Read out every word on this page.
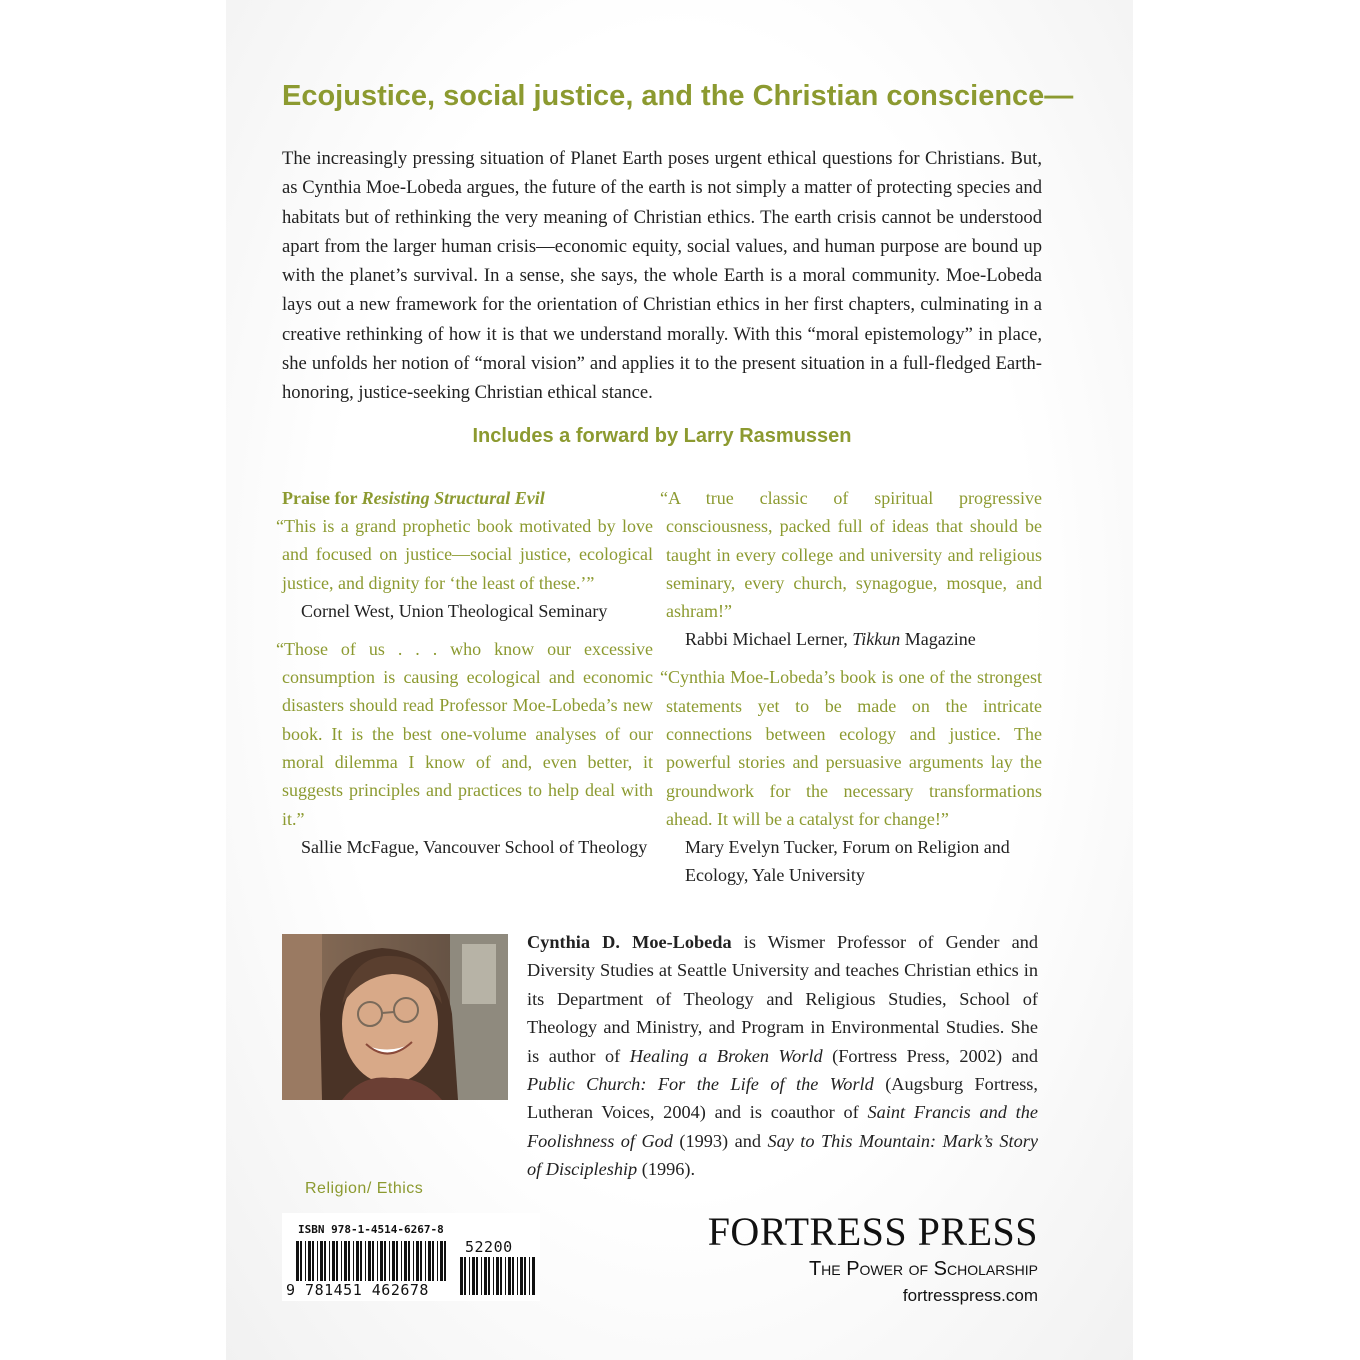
Ecojustice, social justice, and the Christian conscience—
The increasingly pressing situation of Planet Earth poses urgent ethical questions for Christians. But, as Cynthia Moe-Lobeda argues, the future of the earth is not simply a matter of protecting species and habitats but of rethinking the very meaning of Christian ethics. The earth crisis cannot be understood apart from the larger human crisis—economic equity, social values, and human purpose are bound up with the planet’s survival. In a sense, she says, the whole Earth is a moral community. Moe-Lobeda lays out a new framework for the orientation of Christian ethics in her first chapters, culminating in a creative rethinking of how it is that we understand morally. With this “moral epistemology” in place, she unfolds her notion of “moral vision” and applies it to the present situation in a full-fledged Earth-honoring, justice-seeking Christian ethical stance.
Includes a forward by Larry Rasmussen
Praise for Resisting Structural Evil
“This is a grand prophetic book motivated by love and focused on justice—social justice, ecological justice, and dignity for ‘the least of these.’”
Cornel West, Union Theological Seminary
“Those of us . . . who know our excessive consumption is causing ecological and economic disasters should read Professor Moe-Lobeda’s new book. It is the best one-volume analyses of our moral dilemma I know of and, even better, it suggests principles and practices to help deal with it.”
Sallie McFague, Vancouver School of Theology
“A true classic of spiritual progressive consciousness, packed full of ideas that should be taught in every college and university and religious seminary, every church, synagogue, mosque, and ashram!”
Rabbi Michael Lerner, Tikkun Magazine
“Cynthia Moe-Lobeda’s book is one of the strongest statements yet to be made on the intricate connections between ecology and justice. The powerful stories and persuasive arguments lay the groundwork for the necessary transformations ahead. It will be a catalyst for change!”
Mary Evelyn Tucker, Forum on Religion and Ecology, Yale University
Cynthia D. Moe-Lobeda is Wismer Professor of Gender and Diversity Studies at Seattle University and teaches Christian ethics in its Department of Theology and Religious Studies, School of Theology and Ministry, and Program in Environmental Studies. She is author of Healing a Broken World (Fortress Press, 2002) and Public Church: For the Life of the World (Augsburg Fortress, Lutheran Voices, 2004) and is coauthor of Saint Francis and the Foolishness of God (1993) and Say to This Mountain: Mark’s Story of Discipleship (1996).
Religion/ Ethics
ISBN 978-1-4514-6267-8
52200
9 781451 462678
FORTRESS PRESS
The Power of Scholarship
fortresspress.com
